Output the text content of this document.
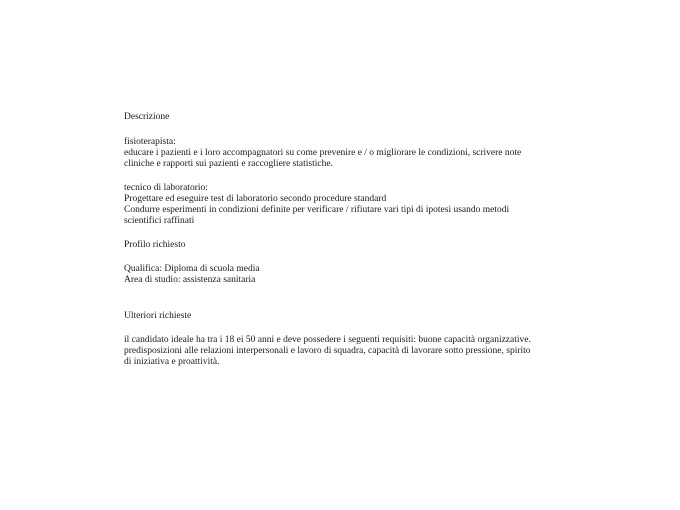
Descrizione

fisioterapista:
educare i pazienti e i loro accompagnatori su come prevenire e / o migliorare le condizioni, scrivere note
cliniche e rapporti sui pazienti e raccogliere statistiche.

tecnico di laboratorio:
Progettare ed eseguire test di laboratorio secondo procedure standard
Condurre esperimenti in condizioni definite per verificare / rifiutare vari tipi di ipotesi usando metodi
scientifici raffinati

Profilo richiesto

Qualifica: Diploma di scuola media
Area di studio: assistenza sanitaria

Ulteriori richieste

il candidato ideale ha tra i 18 ei 50 anni e deve possedere i seguenti requisiti: buone capacità organizzative.
predisposizioni alle relazioni interpersonali e lavoro di squadra, capacità di lavorare sotto pressione, spirito
di iniziativa e proattività.
